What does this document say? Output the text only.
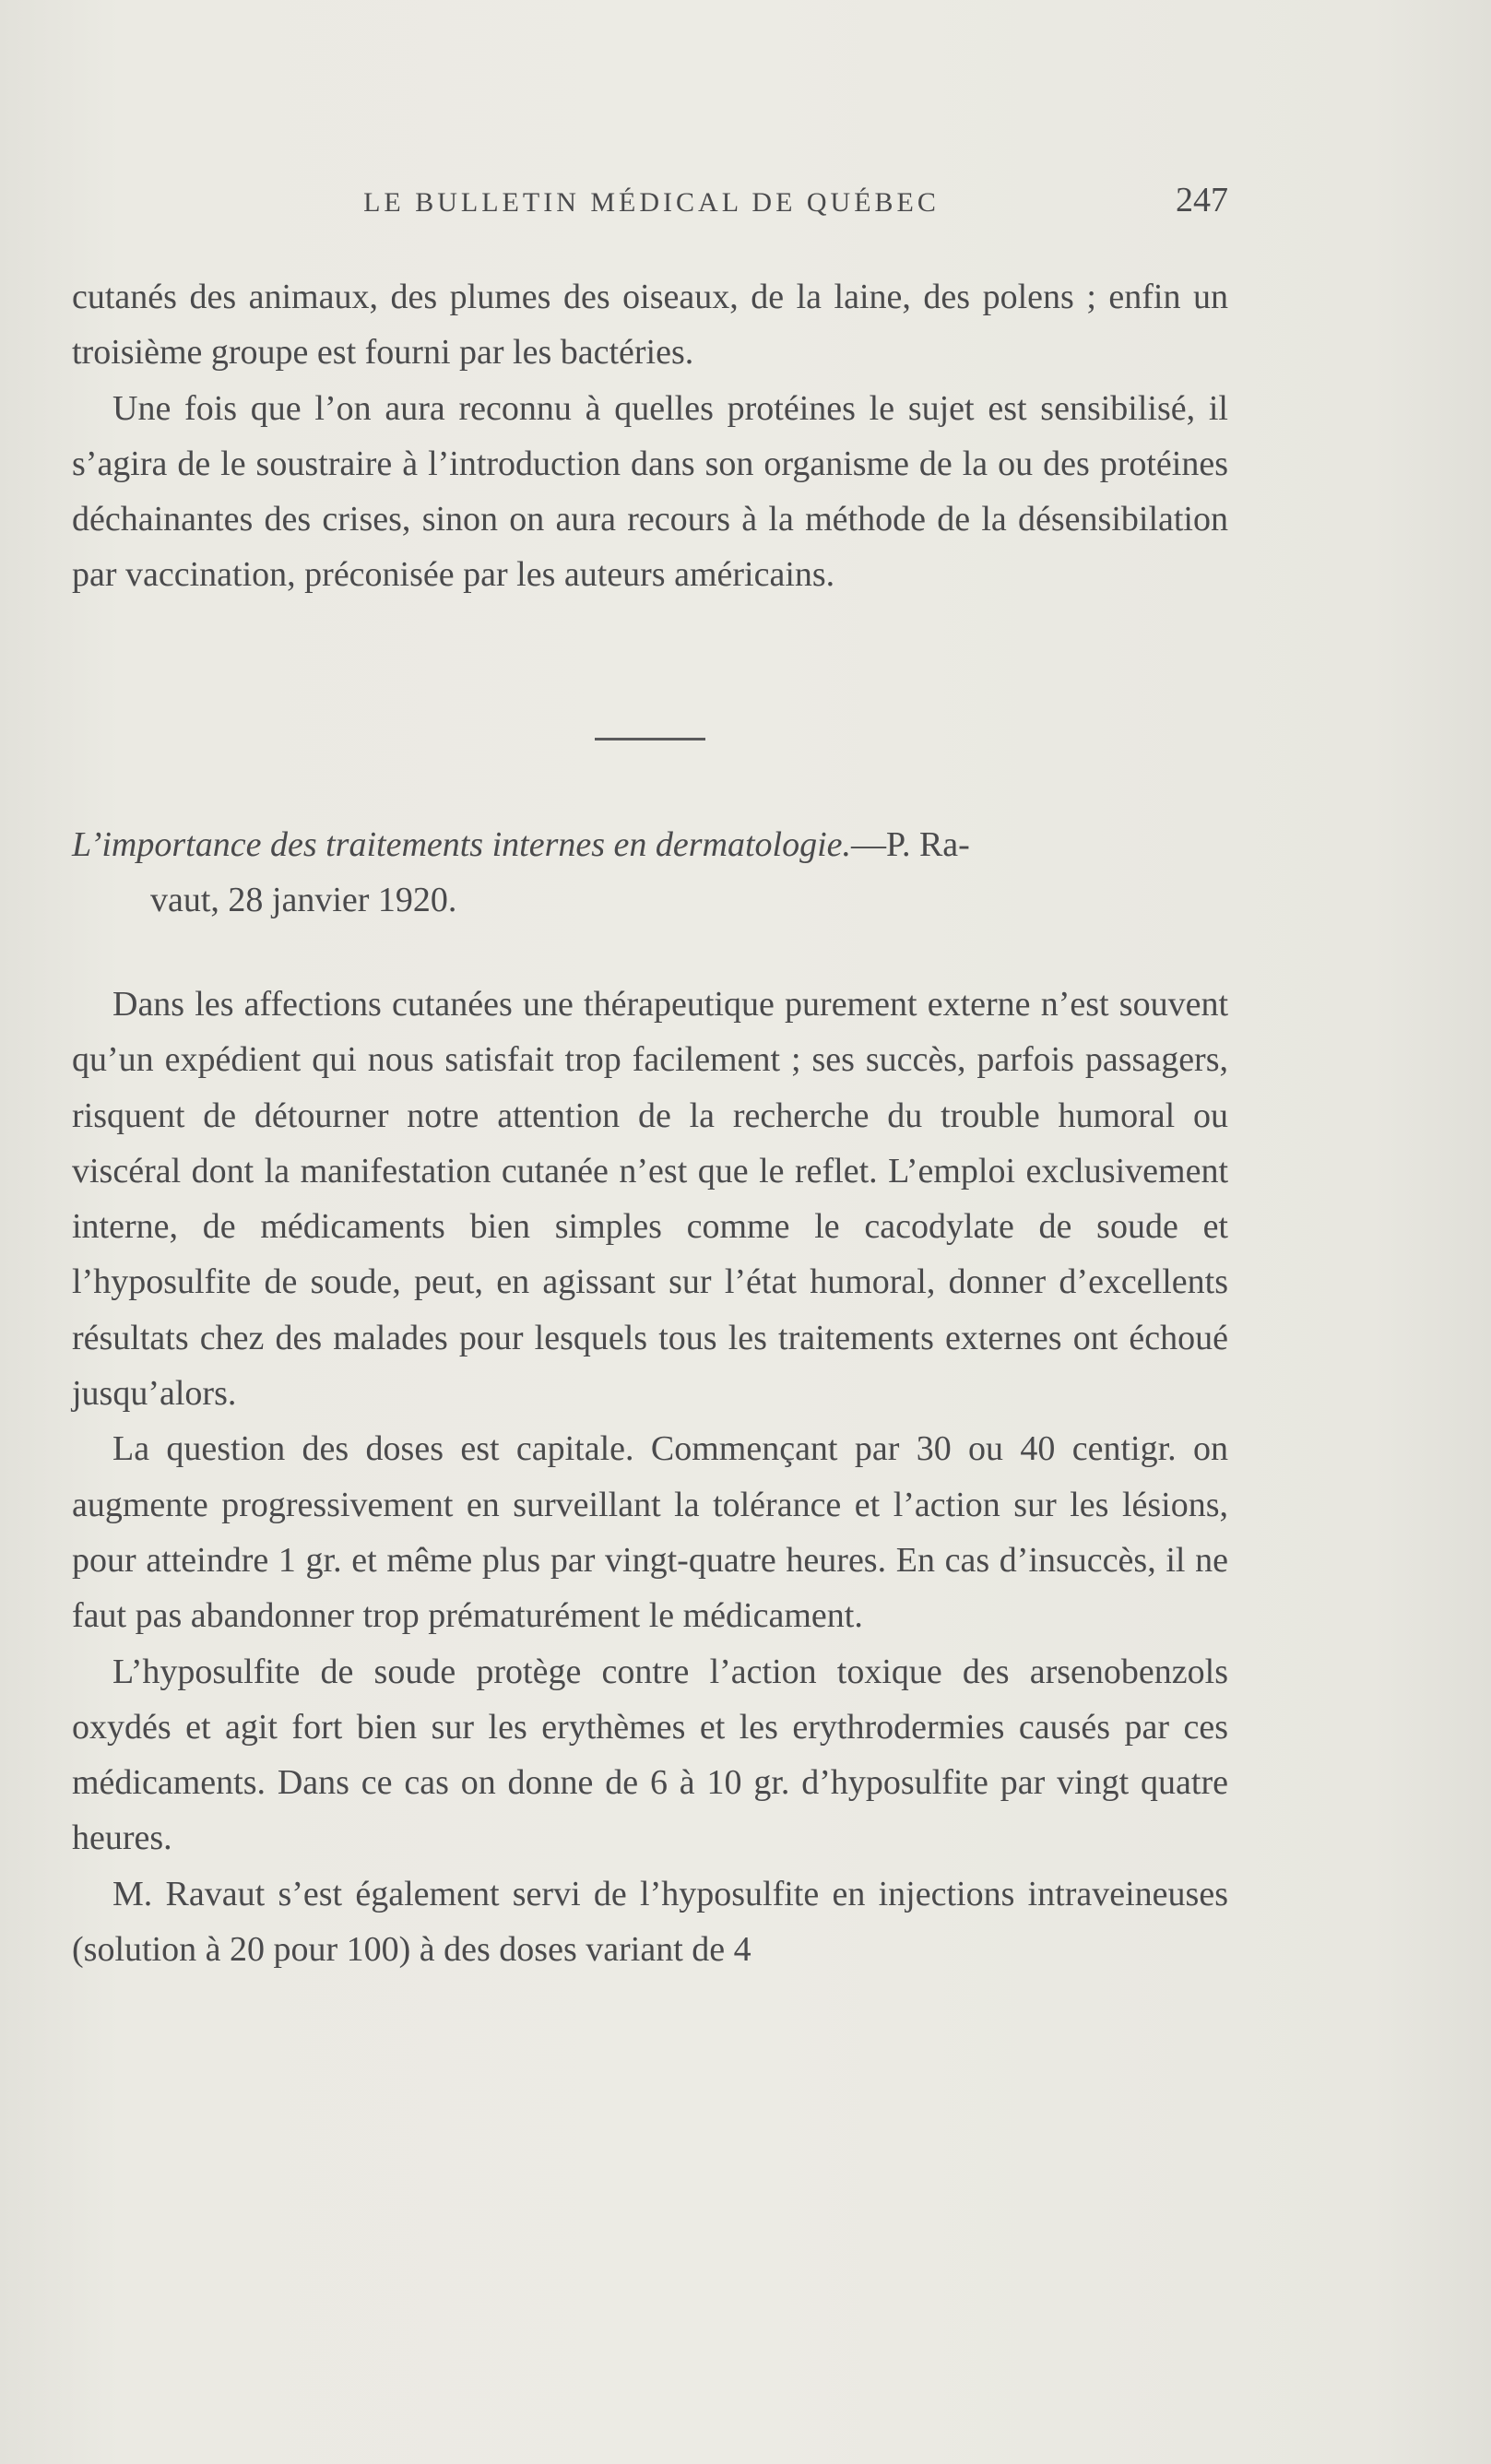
LE BULLETIN MÉDICAL DE QUÉBEC	247

cutanés des animaux, des plumes des oiseaux, de la laine, des polens ; enfin un troisième groupe est fourni par les bactéries.

Une fois que l’on aura reconnu à quelles protéines le sujet est sensibilisé, il s’agira de le soustraire à l’introduction dans son organisme de la ou des protéines déchainantes des crises, sinon on aura recours à la méthode de la désensibilation par vaccination, préconisée par les auteurs américains.

L’importance des traitements internes en dermatologie.—P. Ra-
vaut, 28 janvier 1920.

Dans les affections cutanées une thérapeutique purement externe n’est souvent qu’un expédient qui nous satisfait trop facilement ; ses succès, parfois passagers, risquent de détourner notre attention de la recherche du trouble humoral ou viscéral dont la manifestation cutanée n’est que le reflet. L’emploi exclusivement interne, de médicaments bien simples comme le cacodylate de soude et l’hyposulfite de soude, peut, en agissant sur l’état humoral, donner d’excellents résultats chez des malades pour lesquels tous les traitements externes ont échoué jusqu’alors.

La question des doses est capitale. Commençant par 30 ou 40 centigr. on augmente progressivement en surveillant la tolérance et l’action sur les lésions, pour atteindre 1 gr. et même plus par vingt-quatre heures. En cas d’insuccès, il ne faut pas abandonner trop prématurément le médicament.

L’hyposulfite de soude protège contre l’action toxique des arsenobenzols oxydés et agit fort bien sur les erythèmes et les erythrodermies causés par ces médicaments. Dans ce cas on donne de 6 à 10 gr. d’hyposulfite par vingt quatre heures.

M. Ravaut s’est également servi de l’hyposulfite en injections intraveineuses (solution à 20 pour 100) à des doses variant de 4
